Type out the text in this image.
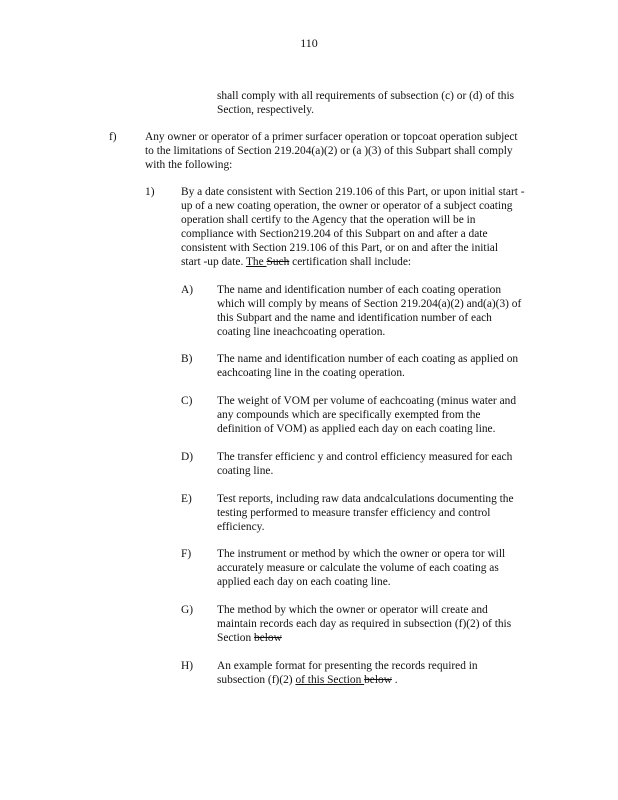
110
shall comply with all requirements of subsection (c) or (d) of this
Section, respectively.
f)	Any owner or operator of a primer surfacer operation or topcoat operation subject
to the limitations of Section 219.204(a)(2) or (a )(3) of this Subpart shall comply
with the following:
1)	By a date consistent with Section 219.106 of this Part, or upon initial start -
up of a new coating operation, the owner or operator of a subject coating
operation shall certify to the Agency that the operation will be in
compliance with Section219.204 of this Subpart on and after a date
consistent with Section 219.106 of this Part, or on and after the initial
start -up date. The Such certification shall include:
A)	The name and identification number of each coating operation
which will comply by means of Section 219.204(a)(2) and(a)(3) of
this Subpart and the name and identification number of each
coating line ineachcoating operation.
B)	The name and identification number of each coating as applied on
eachcoating line in the coating operation.
C)	The weight of VOM per volume of eachcoating (minus water and
any compounds which are specifically exempted from the
definition of VOM) as applied each day on each coating line.
D)	The transfer efficienc y and control efficiency measured for each
coating line.
E)	Test reports, including raw data andcalculations documenting the
testing performed to measure transfer efficiency and control
efficiency.
F)	The instrument or method by which the owner or opera tor will
accurately measure or calculate the volume of each coating as
applied each day on each coating line.
G)	The method by which the owner or operator will create and
maintain records each day as required in subsection (f)(2) of this
Section below
H)	An example format for presenting the records required in
subsection (f)(2) of this Section below .
